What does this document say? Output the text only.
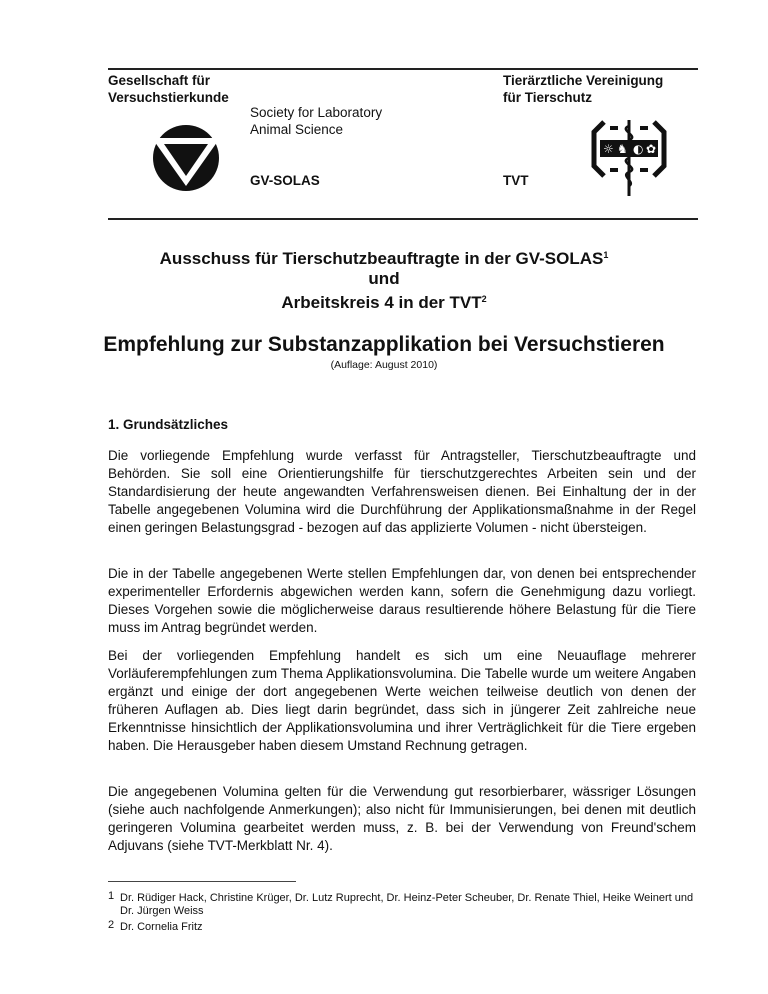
Gesellschaft für
Versuchstierkunde
Society for Laboratory
Animal Science
GV-SOLAS
Tierärztliche Vereinigung
für Tierschutz
☼ ♞ ◐ ✿
TVT
Ausschuss für Tierschutzbeauftragte in der GV-SOLAS$^1$
und
Arbeitskreis 4 in der TVT$^2$
Empfehlung zur Substanzapplikation bei Versuchstieren
(Auflage: August 2010)
1. Grundsätzliches
Die vorliegende Empfehlung wurde verfasst für Antragsteller, Tierschutzbeauftragte und Behörden. Sie soll eine Orientierungshilfe für tierschutzgerechtes Arbeiten sein und der Standardisierung der heute angewandten Verfahrensweisen dienen. Bei Einhaltung der in der Tabelle angegebenen Volumina wird die Durchführung der Applikationsmaßnahme in der Regel einen geringen Belastungsgrad - bezogen auf das applizierte Volumen - nicht übersteigen.
Die in der Tabelle angegebenen Werte stellen Empfehlungen dar, von denen bei entsprechender experimenteller Erfordernis abgewichen werden kann, sofern die Genehmigung dazu vorliegt. Dieses Vorgehen sowie die möglicherweise daraus resultierende höhere Belastung für die Tiere muss im Antrag begründet werden.
Bei der vorliegenden Empfehlung handelt es sich um eine Neuauflage mehrerer Vorläuferempfehlungen zum Thema Applikationsvolumina. Die Tabelle wurde um weitere Angaben ergänzt und einige der dort angegebenen Werte weichen teilweise deutlich von denen der früheren Auflagen ab. Dies liegt darin begründet, dass sich in jüngerer Zeit zahlreiche neue Erkenntnisse hinsichtlich der Applikationsvolumina und ihrer Verträglichkeit für die Tiere ergeben haben. Die Herausgeber haben diesem Umstand Rechnung getragen.
Die angegebenen Volumina gelten für die Verwendung gut resorbierbarer, wässriger Lösungen (siehe auch nachfolgende Anmerkungen); also nicht für Immunisierungen, bei denen mit deutlich geringeren Volumina gearbeitet werden muss, z. B. bei der Verwendung von Freund'schem Adjuvans (siehe TVT-Merkblatt Nr. 4).
1 Dr. Rüdiger Hack, Christine Krüger, Dr. Lutz Ruprecht, Dr. Heinz-Peter Scheuber, Dr. Renate Thiel, Heike Weinert und Dr. Jürgen Weiss
2 Dr. Cornelia Fritz
